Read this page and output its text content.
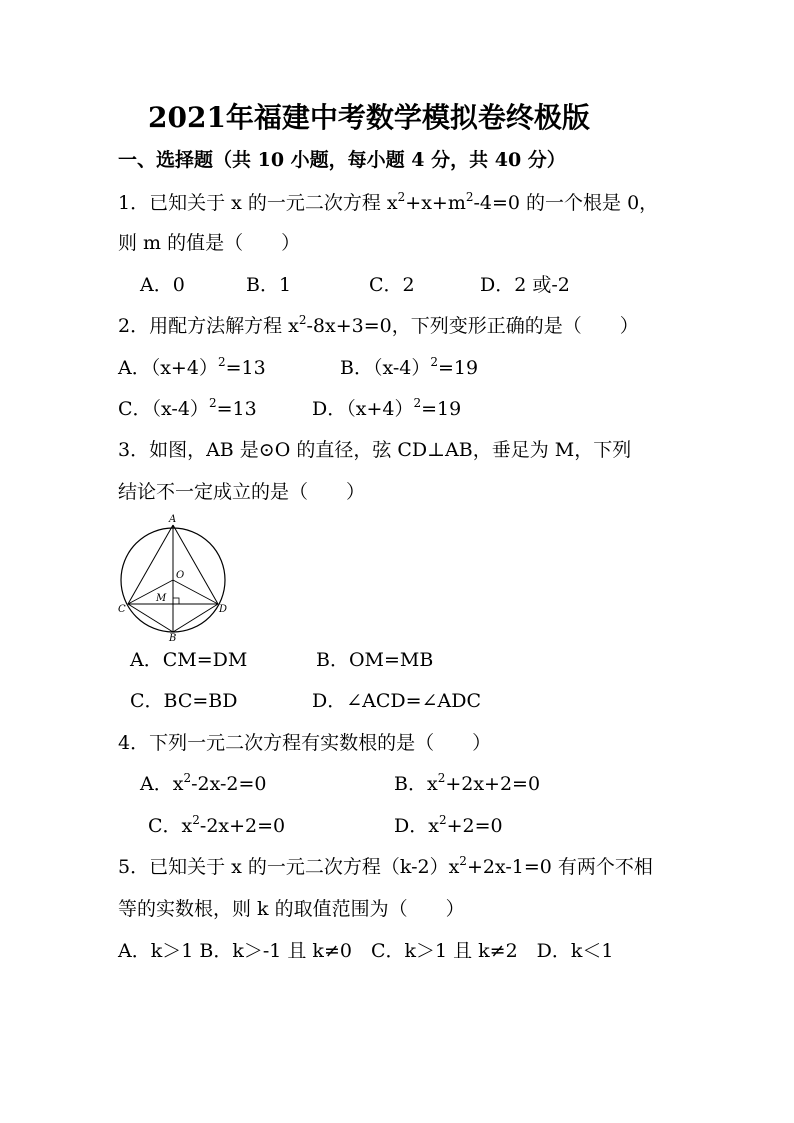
2021年福建中考数学模拟卷终极版
一、选择题（共 10 小题，每小题 4 分，共 40 分）
1．已知关于 x 的一元二次方程 $x^2+x+m^2-4=0$ 的一个根是 0，
则 m 的值是（　　）
A．0	B．1	C．2	D．2 或-2
2．用配方法解方程 $x^2-8x+3=0$，下列变形正确的是（　　）
A．$(x+4)^2=13$	B．$(x-4)^2=19$
C．$(x-4)^2=13$	D．$(x+4)^2=19$
3．如图，AB 是⊙O 的直径，弦 CD⊥AB，垂足为 M，下列
结论不一定成立的是（　　）
A
O
M
C	D
B
A．CM=DM	B．OM=MB
C．BC=BD	D．∠ACD=∠ADC
4．下列一元二次方程有实数根的是（　　）
A．$x^2-2x-2=0$	B．$x^2+2x+2=0$
C．$x^2-2x+2=0$	D．$x^2+2=0$
5．已知关于 x 的一元二次方程$(k-2)x^2+2x-1=0$ 有两个不相
等的实数根，则 k 的取值范围为（　　）
A．k＞1 B．k＞-1 且 k≠0　C．k＞1 且 k≠2　D．k＜1
